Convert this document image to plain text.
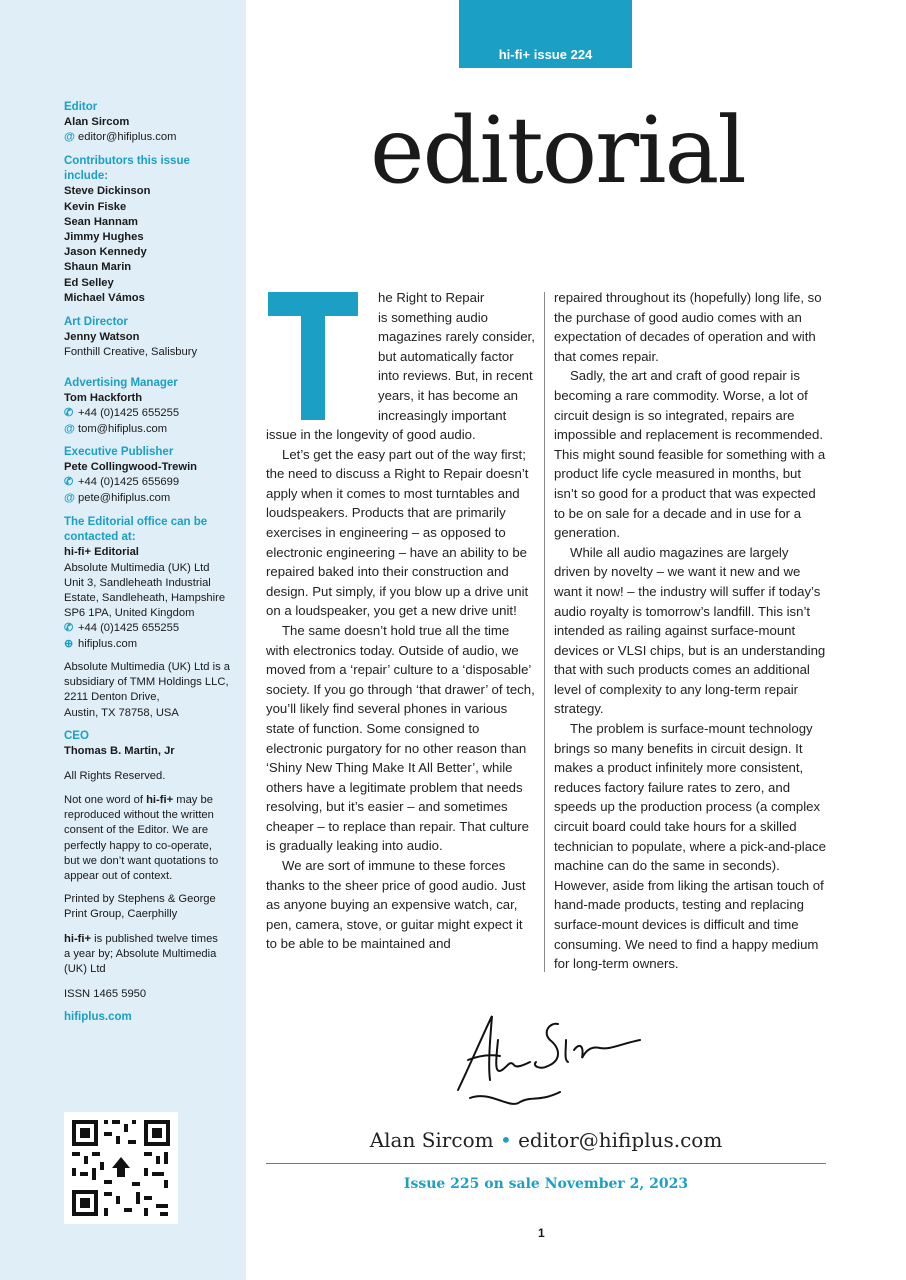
Editor

Alan Sircom

@ editor@hifiplus.com

Contributors this issue

include:

Steve Dickinson

Kevin Fiske

Sean Hannam

Jimmy Hughes

Jason Kennedy

Shaun Marin

Ed Selley

Michael Vámos

Art Director

Jenny Watson

Fonthill Creative, Salisbury

Advertising Manager

Tom Hackforth

✆ +44 (0)1425 655255

@ tom@hifiplus.com

Executive Publisher

Pete Collingwood-Trewin

✆ +44 (0)1425 655699

@ pete@hifiplus.com

The Editorial office can be

contacted at:

hi-fi+ Editorial

Absolute Multimedia (UK) Ltd

Unit 3, Sandleheath Industrial

Estate, Sandleheath, Hampshire

SP6 1PA, United Kingdom

✆ +44 (0)1425 655255

⊕ hifiplus.com

Absolute Multimedia (UK) Ltd is a

subsidiary of TMM Holdings LLC,

2211 Denton Drive,

Austin, TX 78758, USA

CEO

Thomas B. Martin, Jr

All Rights Reserved.

Not one word of hi-fi+ may be

reproduced without the written

consent of the Editor. We are

perfectly happy to co-operate,

but we don’t want quotations to

appear out of context.

Printed by Stephens & George

Print Group, Caerphilly

hi-fi+ is published twelve times

a year by; Absolute Multimedia

(UK) Ltd

ISSN 1465 5950

hifiplus.com

hi-fi+ issue 224
editorial
he Right to Repair
is something audio
magazines rarely consider,
but automatically factor
into reviews. But, in recent
years, it has become an
increasingly important

issue in the longevity of good audio.

Let’s get the easy part out of the way first; the need to discuss a Right to Repair doesn’t apply when it comes to most turntables and loudspeakers. Products that are primarily exercises in engineering – as opposed to electronic engineering – have an ability to be repaired baked into their construction and design. Put simply, if you blow up a drive unit on a loudspeaker, you get a new drive unit!

The same doesn’t hold true all the time with electronics today. Outside of audio, we moved from a ‘repair’ culture to a ‘disposable’ society. If you go through ‘that drawer’ of tech, you’ll likely find several phones in various state of function. Some consigned to electronic purgatory for no other reason than ‘Shiny New Thing Make It All Better’, while others have a legitimate problem that needs resolving, but it’s easier – and sometimes cheaper – to replace than repair. That culture is gradually leaking into audio.

We are sort of immune to these forces thanks to the sheer price of good audio. Just as anyone buying an expensive watch, car, pen, camera, stove, or guitar might expect it to be able to be maintained and

repaired throughout its (hopefully) long life, so the purchase of good audio comes with an expectation of decades of operation and with that comes repair.

Sadly, the art and craft of good repair is becoming a rare commodity. Worse, a lot of circuit design is so integrated, repairs are impossible and replacement is recommended. This might sound feasible for something with a product life cycle measured in months, but isn’t so good for a product that was expected to be on sale for a decade and in use for a generation.

While all audio magazines are largely driven by novelty – we want it new and we want it now! – the industry will suffer if today’s audio royalty is tomorrow’s landfill. This isn’t intended as railing against surface-mount devices or VLSI chips, but is an understanding that with such products comes an additional level of complexity to any long-term repair strategy.

The problem is surface-mount technology brings so many benefits in circuit design. It makes a product infinitely more consistent, reduces factory failure rates to zero, and speeds up the production process (a complex circuit board could take hours for a skilled technician to populate, where a pick-and-place machine can do the same in seconds). However, aside from liking the artisan touch of hand-made products, testing and replacing surface-mount devices is difficult and time consuming. We need to find a happy medium for long-term owners.

Alan Sircom • editor@hifiplus.com
Issue 225 on sale November 2, 2023
1
